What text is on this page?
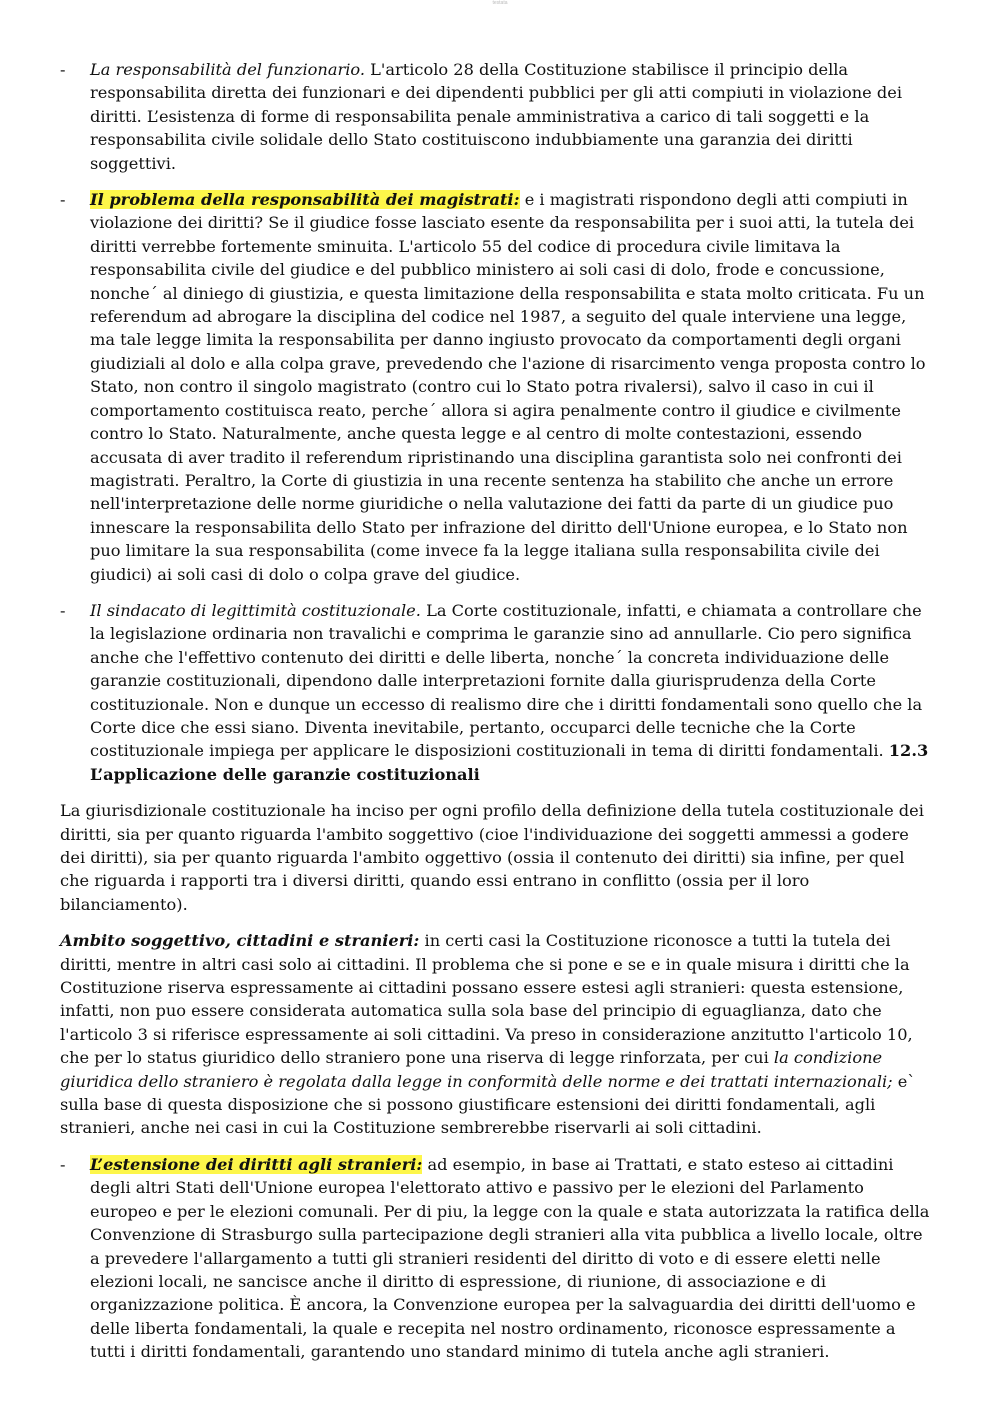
testata
- La responsabilità del funzionario. L'articolo 28 della Costituzione stabilisce il principio della responsabilita diretta dei funzionari e dei dipendenti pubblici per gli atti compiuti in violazione dei diritti. L’esistenza di forme di responsabilita penale amministrativa a carico di tali soggetti e la responsabilita civile solidale dello Stato costituiscono indubbiamente una garanzia dei diritti soggettivi.
- Il problema della responsabilità dei magistrati: e i magistrati rispondono degli atti compiuti in violazione dei diritti? Se il giudice fosse lasciato esente da responsabilita per i suoi atti, la tutela dei diritti verrebbe fortemente sminuita. L'articolo 55 del codice di procedura civile limitava la responsabilita civile del giudice e del pubblico ministero ai soli casi di dolo, frode e concussione, nonche´ al diniego di giustizia, e questa limitazione della responsabilita e stata molto criticata. Fu un referendum ad abrogare la disciplina del codice nel 1987, a seguito del quale interviene una legge, ma tale legge limita la responsabilita per danno ingiusto provocato da comportamenti degli organi giudiziali al dolo e alla colpa grave, prevedendo che l'azione di risarcimento venga proposta contro lo Stato, non contro il singolo magistrato (contro cui lo Stato potra rivalersi), salvo il caso in cui il comportamento costituisca reato, perche´ allora si agira penalmente contro il giudice e civilmente contro lo Stato. Naturalmente, anche questa legge e al centro di molte contestazioni, essendo accusata di aver tradito il referendum ripristinando una disciplina garantista solo nei confronti dei magistrati. Peraltro, la Corte di giustizia in una recente sentenza ha stabilito che anche un errore nell'interpretazione delle norme giuridiche o nella valutazione dei fatti da parte di un giudice puo innescare la responsabilita dello Stato per infrazione del diritto dell'Unione europea, e lo Stato non puo limitare la sua responsabilita (come invece fa la legge italiana sulla responsabilita civile dei giudici) ai soli casi di dolo o colpa grave del giudice.
- Il sindacato di legittimità costituzionale. La Corte costituzionale, infatti, e chiamata a controllare che la legislazione ordinaria non travalichi e comprima le garanzie sino ad annullarle. Cio pero significa anche che l'effettivo contenuto dei diritti e delle liberta, nonche´ la concreta individuazione delle garanzie costituzionali, dipendono dalle interpretazioni fornite dalla giurisprudenza della Corte costituzionale. Non e dunque un eccesso di realismo dire che i diritti fondamentali sono quello che la Corte dice che essi siano. Diventa inevitabile, pertanto, occuparci delle tecniche che la Corte costituzionale impiega per applicare le disposizioni costituzionali in tema di diritti fondamentali. 12.3 L’applicazione delle garanzie costituzionali

La giurisdizionale costituzionale ha inciso per ogni profilo della definizione della tutela costituzionale dei diritti, sia per quanto riguarda l'ambito soggettivo (cioe l'individuazione dei soggetti ammessi a godere dei diritti), sia per quanto riguarda l'ambito oggettivo (ossia il contenuto dei diritti) sia infine, per quel che riguarda i rapporti tra i diversi diritti, quando essi entrano in conflitto (ossia per il loro bilanciamento).

Ambito soggettivo, cittadini e stranieri: in certi casi la Costituzione riconosce a tutti la tutela dei diritti, mentre in altri casi solo ai cittadini. Il problema che si pone e se e in quale misura i diritti che la Costituzione riserva espressamente ai cittadini possano essere estesi agli stranieri: questa estensione, infatti, non puo essere considerata automatica sulla sola base del principio di eguaglianza, dato che l'articolo 3 si riferisce espressamente ai soli cittadini. Va preso in considerazione anzitutto l'articolo 10, che per lo status giuridico dello straniero pone una riserva di legge rinforzata, per cui la condizione giuridica dello straniero è regolata dalla legge in conformità delle norme e dei trattati internazionali; e` sulla base di questa disposizione che si possono giustificare estensioni dei diritti fondamentali, agli stranieri, anche nei casi in cui la Costituzione sembrerebbe riservarli ai soli cittadini.

- L’estensione dei diritti agli stranieri: ad esempio, in base ai Trattati, e stato esteso ai cittadini degli altri Stati dell'Unione europea l'elettorato attivo e passivo per le elezioni del Parlamento europeo e per le elezioni comunali. Per di piu, la legge con la quale e stata autorizzata la ratifica della Convenzione di Strasburgo sulla partecipazione degli stranieri alla vita pubblica a livello locale, oltre a prevedere l'allargamento a tutti gli stranieri residenti del diritto di voto e di essere eletti nelle elezioni locali, ne sancisce anche il diritto di espressione, di riunione, di associazione e di organizzazione politica. È ancora, la Convenzione europea per la salvaguardia dei diritti dell'uomo e delle liberta fondamentali, la quale e recepita nel nostro ordinamento, riconosce espressamente a tutti i diritti fondamentali, garantendo uno standard minimo di tutela anche agli stranieri.
